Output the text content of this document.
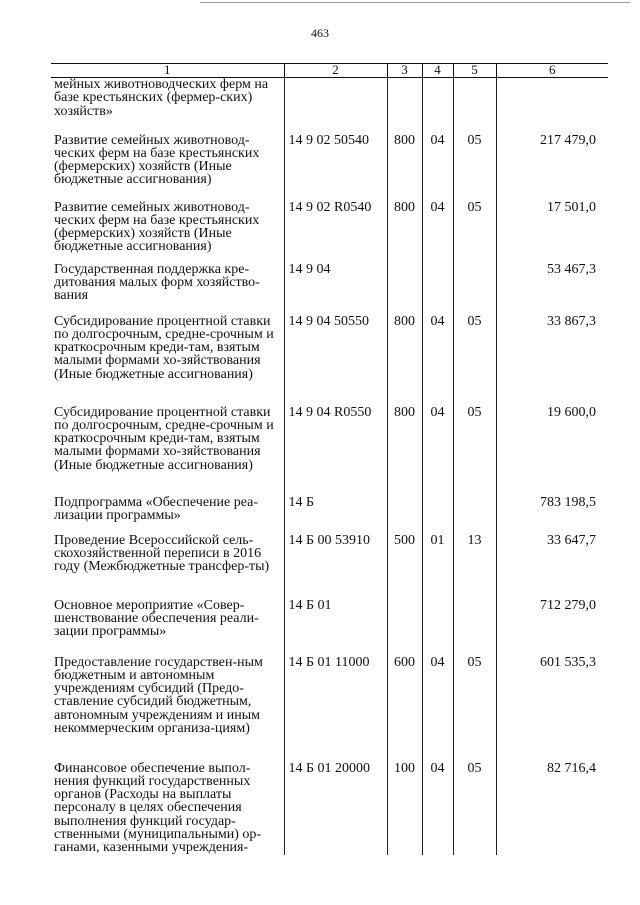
463
1	2	3	4	5	6
мейных животноводческих ферм на базе крестьянских (фермер-ских) хозяйств»					
Развитие семейных животновод-ческих ферм на базе крестьянских (фермерских) хозяйств (Иные бюджетные ассигнования)	14 9 02 50540	800	04	05	217 479,0
Развитие семейных животновод-ческих ферм на базе крестьянских (фермерских) хозяйств (Иные бюджетные ассигнования)	14 9 02 R0540	800	04	05	17 501,0
Государственная поддержка кре-дитования малых форм хозяйство-вания	14 9 04				53 467,3
Субсидирование процентной ставки по долгосрочным, средне-срочным и краткосрочным креди-там, взятым малыми формами хо-зяйствования (Иные бюджетные ассигнования)	14 9 04 50550	800	04	05	33 867,3
Субсидирование процентной ставки по долгосрочным, средне-срочным и краткосрочным креди-там, взятым малыми формами хо-зяйствования (Иные бюджетные ассигнования)	14 9 04 R0550	800	04	05	19 600,0
Подпрограмма «Обеспечение реа-лизации программы»	14 Б				783 198,5
Проведение Всероссийской сель-скохозяйственной переписи в 2016 году (Межбюджетные трансфер-ты)	14 Б 00 53910	500	01	13	33 647,7
Основное мероприятие «Совер-шенствование обеспечения реали-зации программы»	14 Б 01				712 279,0
Предоставление государствен-ным бюджетным и автономным учреждениям субсидий (Предо-ставление субсидий бюджетным, автономным учреждениям и иным некоммерческим организа-циям)	14 Б 01 11000	600	04	05	601 535,3
Финансовое обеспечение выпол-нения функций государственных органов (Расходы на выплаты персоналу в целях обеспечения выполнения функций государ-ственными (муниципальными) ор-ганами, казенными учреждения-	14 Б 01 20000	100	04	05	82 716,4
